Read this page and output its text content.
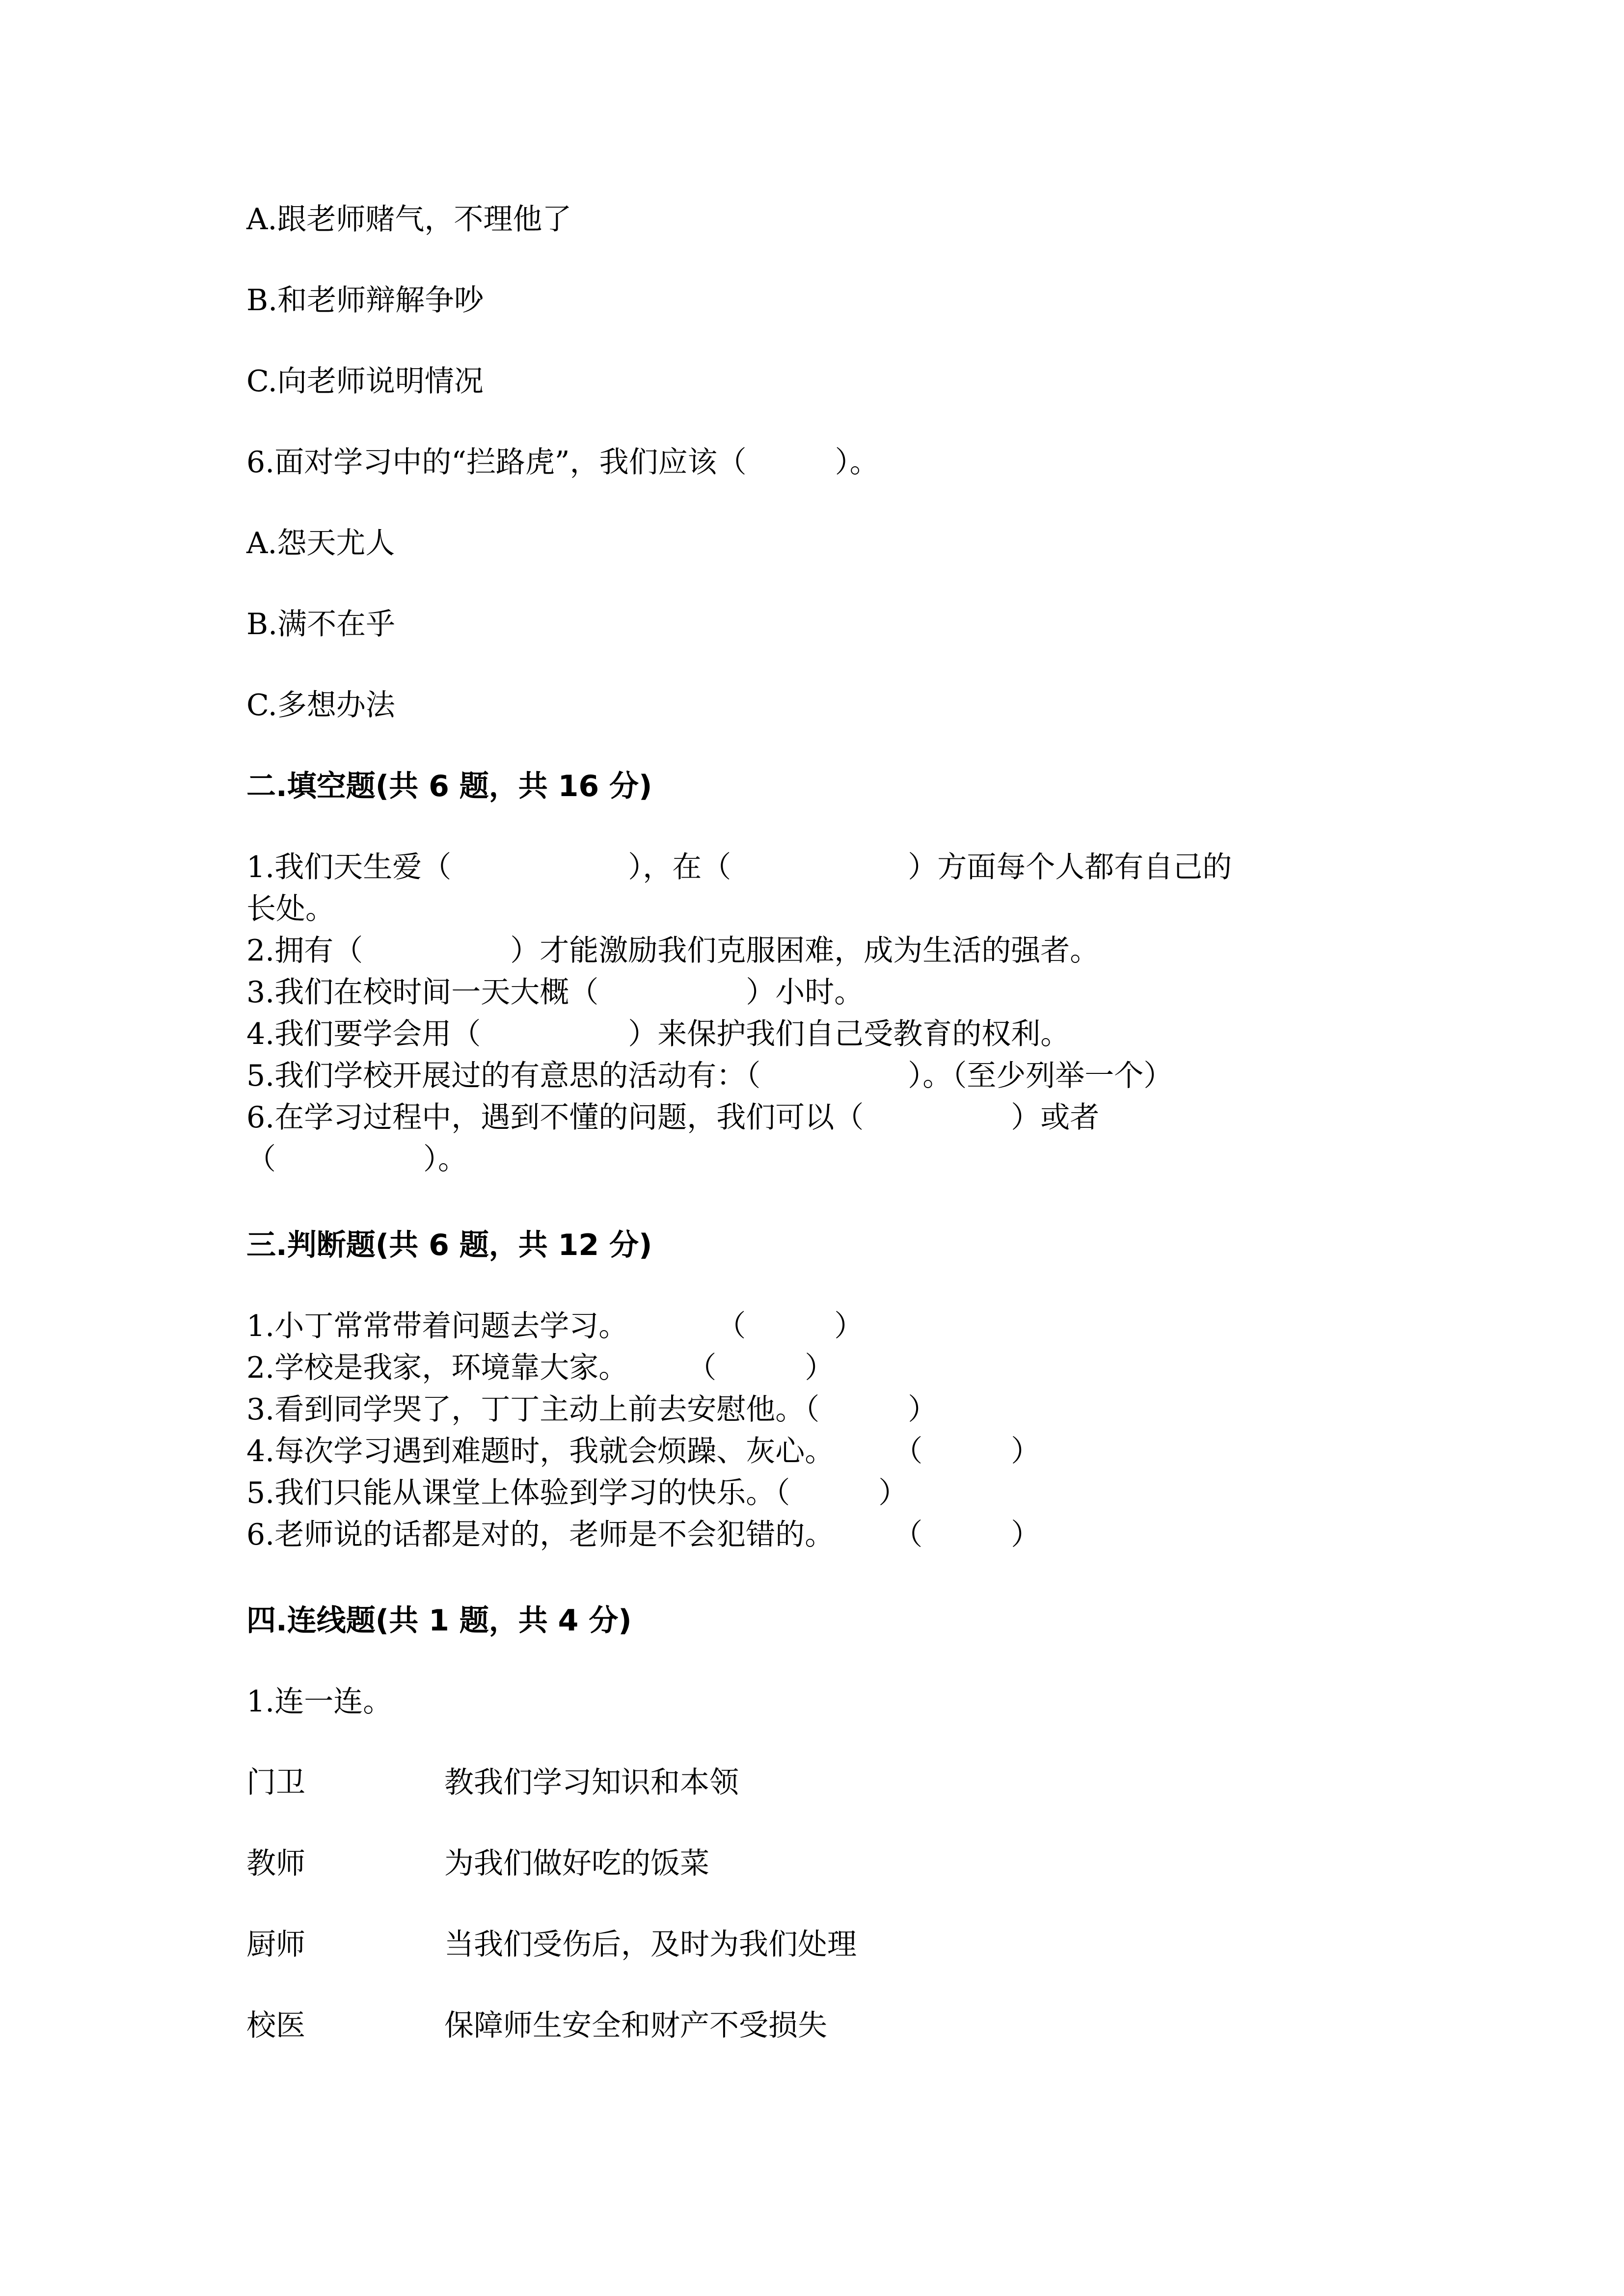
A.跟老师赌气，不理他了
B.和老师辩解争吵
C.向老师说明情况
6.面对学习中的“拦路虎”，我们应该（　　　）。
A.怨天尤人
B.满不在乎
C.多想办法
二.填空题(共 6 题，共 16 分)
1.我们天生爱（　　　　　　），在（　　　　　　）方面每个人都有自己的
长处。
2.拥有（　　　　　）才能激励我们克服困难，成为生活的强者。
3.我们在校时间一天大概（　　　　　）小时。
4.我们要学会用（　　　　　）来保护我们自己受教育的权利。
5.我们学校开展过的有意思的活动有：（　　　　　）。（至少列举一个）
6.在学习过程中，遇到不懂的问题，我们可以（　　　　　）或者
（　　　　　）。
三.判断题(共 6 题，共 12 分)
1.小丁常常带着问题去学习。　　　　（　　　）
2.学校是我家，环境靠大家。　　　（　　　）
3.看到同学哭了，丁丁主动上前去安慰他。（　　　）
4.每次学习遇到难题时，我就会烦躁、灰心。　　　（　　　）
5.我们只能从课堂上体验到学习的快乐。（　　　）
6.老师说的话都是对的，老师是不会犯错的。　　　（　　　）
四.连线题(共 1 题，共 4 分)
1.连一连。
门卫	教我们学习知识和本领
教师	为我们做好吃的饭菜
厨师	当我们受伤后，及时为我们处理
校医	保障师生安全和财产不受损失
